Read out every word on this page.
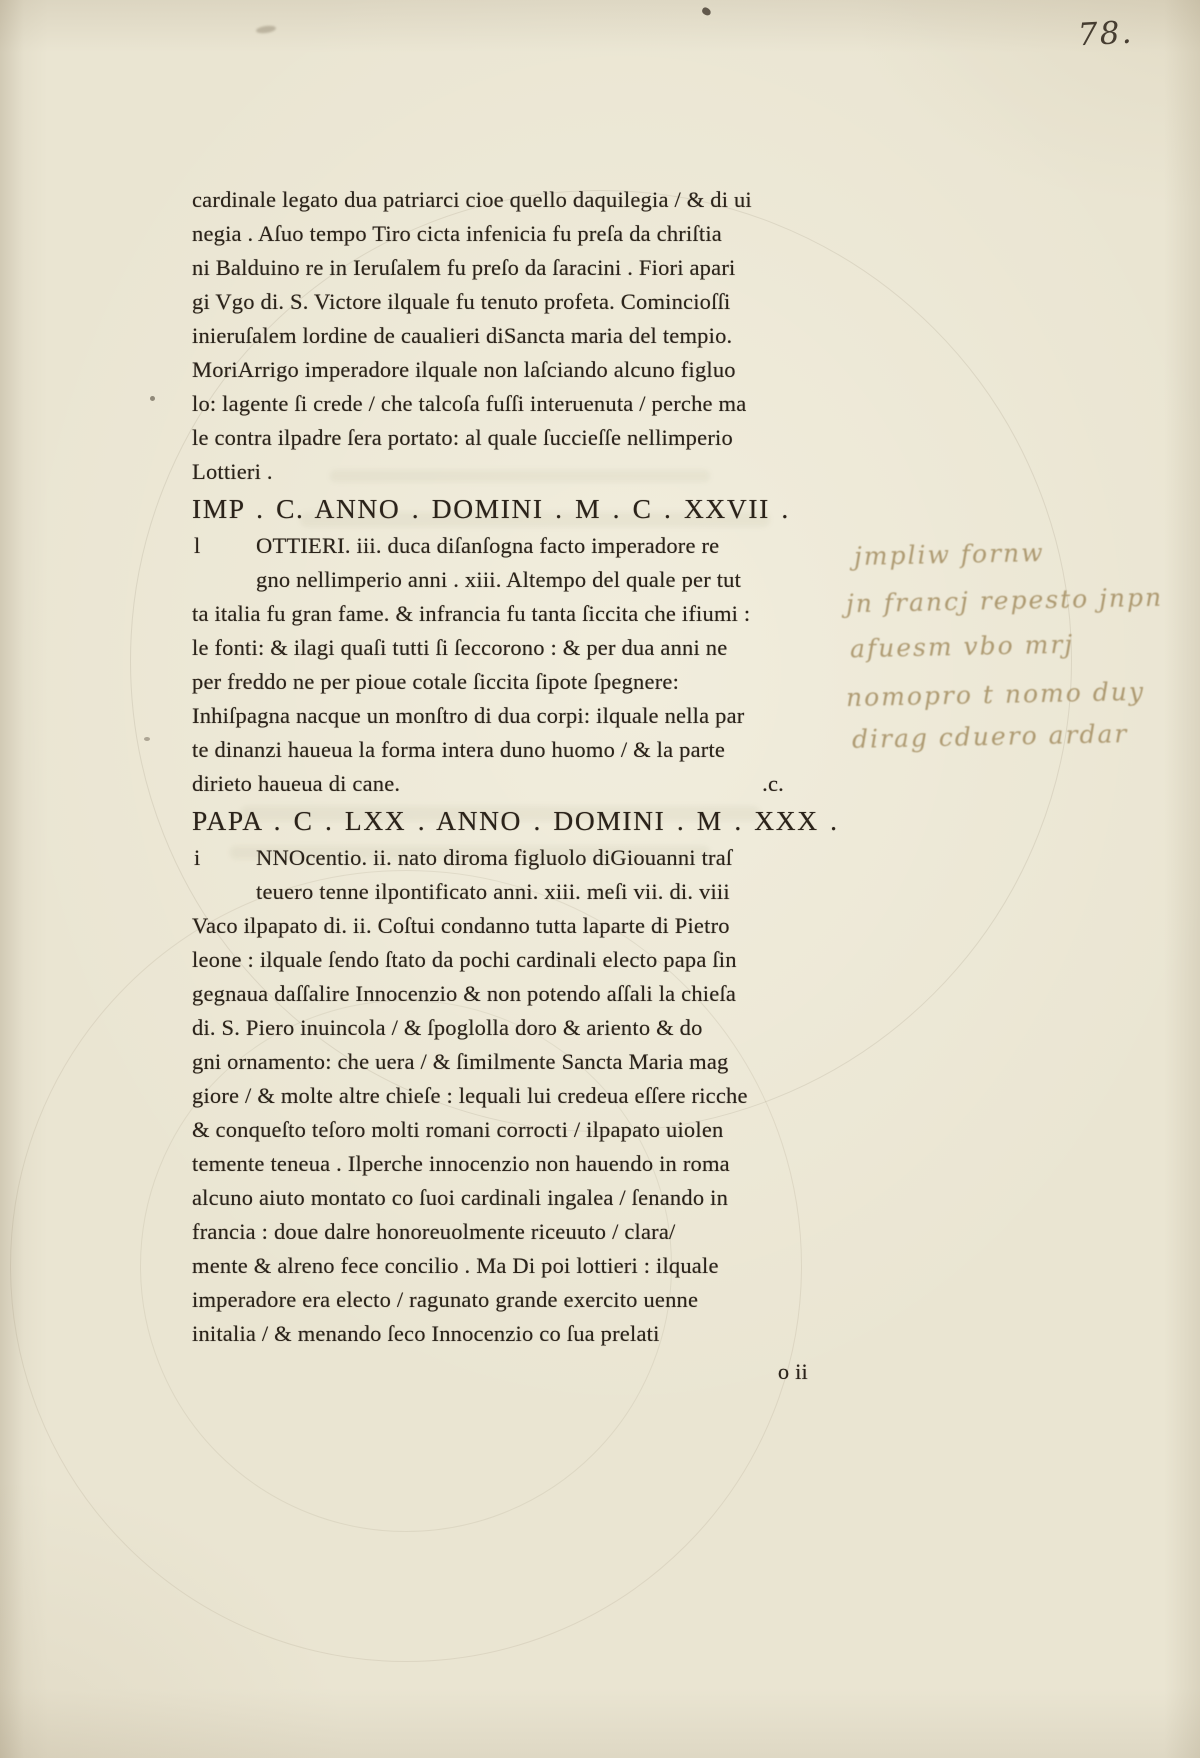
78.
cardinale legato dua patriarci cioe quello daquilegia / & di ui
negia . Aſuo tempo Tiro cicta infenicia fu preſa da chriſtia
ni Balduino re in Ieruſalem fu preſo da ſaracini . Fiori apari
gi Vgo di. S. Victore ilquale fu tenuto profeta. Comincioſſi
inieruſalem lordine de caualieri diSancta maria del tempio.
MoriArrigo imperadore ilquale non laſciando alcuno figluo
lo: lagente ſi crede / che talcoſa fuſſi interuenuta / perche ma
le contra ilpadre ſera portato: al quale ſuccieſſe nellimperio
Lottieri .
IMP . C. ANNO . DOMINI . M . C . XXVII .
l OTTIERI. iii. duca diſanſogna facto imperadore re
gno nellimperio anni . xiii. Altempo del quale per tut
ta italia fu gran fame. & infrancia fu tanta ſiccita che ifiumi :
le fonti: & ilagi quaſi tutti ſi ſeccorono : & per dua anni ne
per freddo ne per pioue cotale ſiccita ſipote ſpegnere:
Inhiſpagna nacque un monſtro di dua corpi: ilquale nella par
te dinanzi haueua la forma intera duno huomo / & la parte
dirieto haueua di cane.	.c.
PAPA . C . LXX . ANNO . DOMINI . M . XXX .
i NNOcentio. ii. nato diroma figluolo diGiouanni traſ
teuero tenne ilpontificato anni. xiii. meſi vii. di. viii
Vaco ilpapato di. ii. Coſtui condanno tutta laparte di Pietro
leone : ilquale ſendo ſtato da pochi cardinali electo papa ſin
gegnaua daſſalire Innocenzio & non potendo aſſali la chieſa
di. S. Piero inuincola / & ſpoglolla doro & ariento & do
gni ornamento: che uera / & ſimilmente Sancta Maria mag
giore / & molte altre chieſe : lequali lui credeua eſſere ricche
& conqueſto teſoro molti romani corrocti / ilpapato uiolen
temente teneua . Ilperche innocenzio non hauendo in roma
alcuno aiuto montato co ſuoi cardinali ingalea / ſenando in
francia : doue dalre honoreuolmente riceuuto / clara/
mente & alreno fece concilio . Ma Di poi lottieri : ilquale
imperadore era electo / ragunato grande exercito uenne
initalia / & menando ſeco Innocenzio co ſua prelati
o ii
jmpliw fornw
jn francj repesto jnpn
afuesm vbo mrj
nomopro t nomo duy
dirag cduero ardar
